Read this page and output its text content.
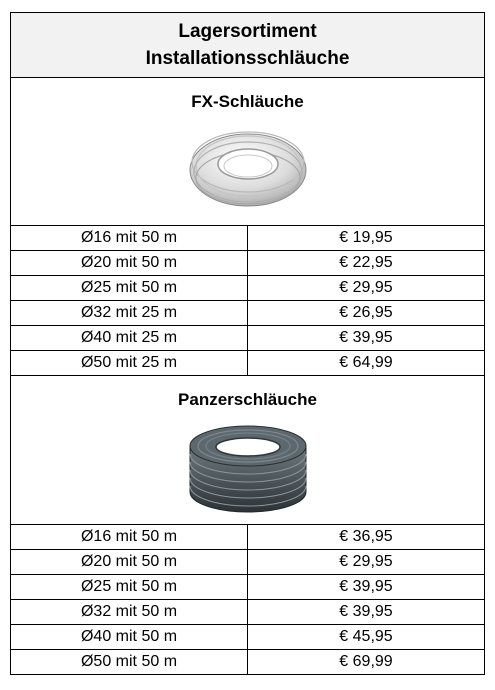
Lagersortiment
Installationsschläuche
FX-Schläuche
Ø16 mit 50 m	€ 19,95
Ø20 mit 50 m	€ 22,95
Ø25 mit 50 m	€ 29,95
Ø32 mit 25 m	€ 26,95
Ø40 mit 25 m	€ 39,95
Ø50 mit 25 m	€ 64,99
Panzerschläuche
Ø16 mit 50 m	€ 36,95
Ø20 mit 50 m	€ 29,95
Ø25 mit 50 m	€ 39,95
Ø32 mit 50 m	€ 39,95
Ø40 mit 50 m	€ 45,95
Ø50 mit 50 m	€ 69,99
